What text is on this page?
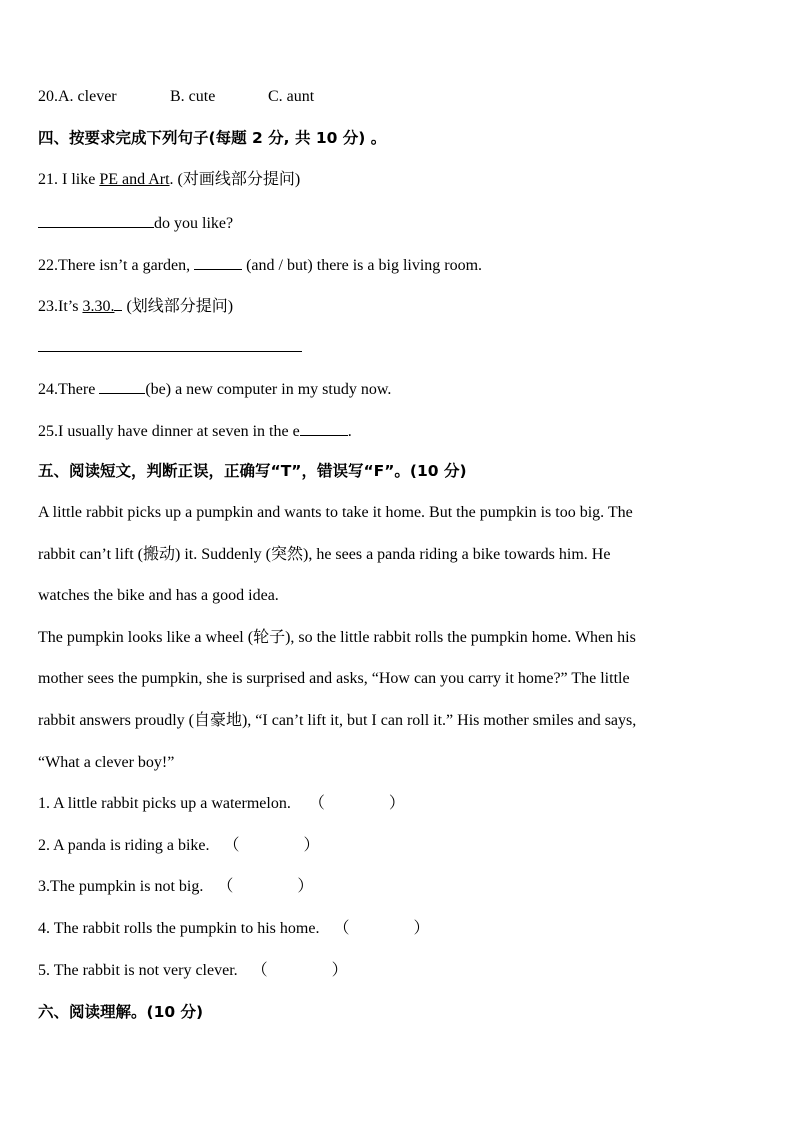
20.A. clever	B. cute	C. aunt
四、按要求完成下列句子(每题 2 分, 共 10 分) 。
21. I like PE and Art. (对画线部分提问)
do you like?
22.There isn’t a garden,	(and / but) there is a big living room.
23.It’s 3.30. (划线部分提问)
24.There	(be) a new computer in my study now.
25.I usually have dinner at seven in the e	.
五、阅读短文，判断正误，正确写“T”，错误写“F”。(10 分)
A little rabbit picks up a pumpkin and wants to take it home. But the pumpkin is too big. The
rabbit can’t lift (搬动) it. Suddenly (突然), he sees a panda riding a bike towards him. He
watches the bike and has a good idea.
The pumpkin looks like a wheel (轮子), so the little rabbit rolls the pumpkin home. When his
mother sees the pumpkin, she is surprised and asks, “How can you carry it home?” The little
rabbit answers proudly (自豪地), “I can’t lift it, but I can roll it.” His mother smiles and says,
“What a clever boy!”
1. A little rabbit picks up a watermelon. （　　　　）
2. A panda is riding a bike. （　　　　）
3.The pumpkin is not big. （　　　　）
4. The rabbit rolls the pumpkin to his home. （　　　　）
5. The rabbit is not very clever. （　　　　）
六、阅读理解。(10 分)
